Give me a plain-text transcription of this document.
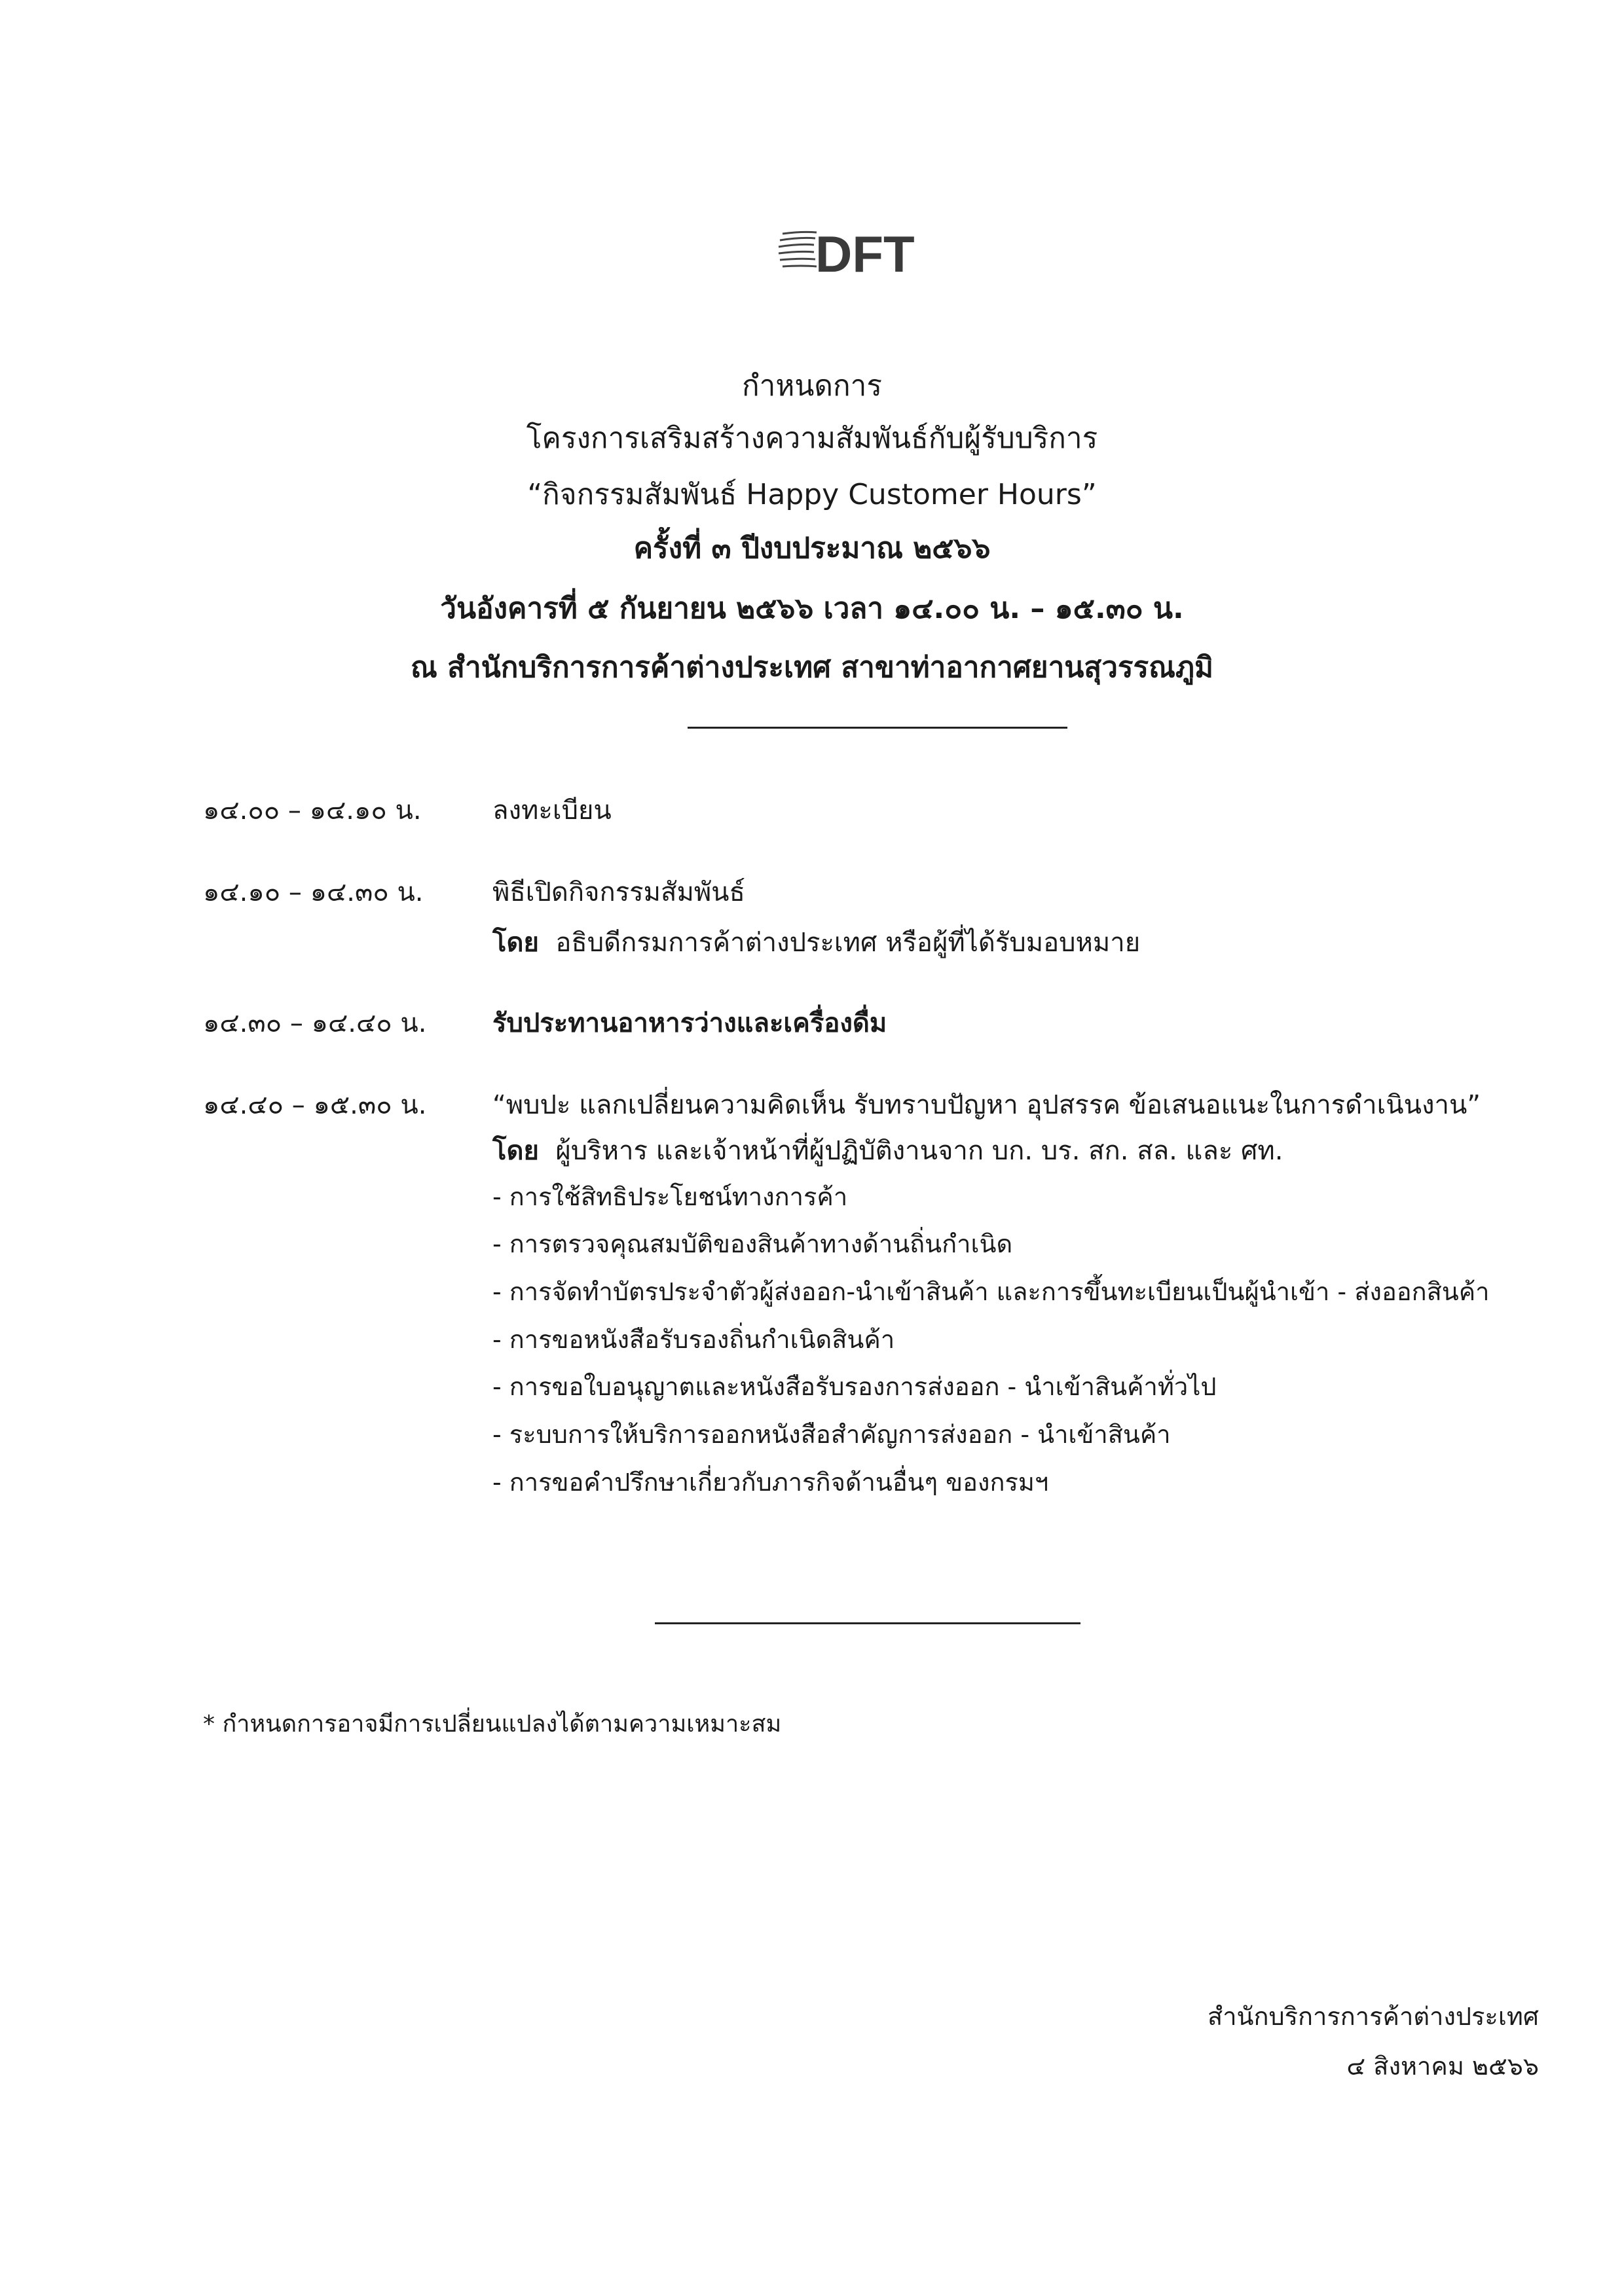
DFT
กำหนดการ
โครงการเสริมสร้างความสัมพันธ์กับผู้รับบริการ
“กิจกรรมสัมพันธ์ Happy Customer Hours”
ครั้งที่ ๓ ปีงบประมาณ ๒๕๖๖
วันอังคารที่ ๕ กันยายน ๒๕๖๖ เวลา ๑๔.๐๐ น. – ๑๕.๓๐ น.
ณ สำนักบริการการค้าต่างประเทศ สาขาท่าอากาศยานสุวรรณภูมิ
๑๔.๐๐ – ๑๔.๑๐ น.	ลงทะเบียน
๑๔.๑๐ – ๑๔.๓๐ น.	พิธีเปิดกิจกรรมสัมพันธ์
โดย อธิบดีกรมการค้าต่างประเทศ หรือผู้ที่ได้รับมอบหมาย
๑๔.๓๐ – ๑๔.๔๐ น.	รับประทานอาหารว่างและเครื่องดื่ม
๑๔.๔๐ – ๑๕.๓๐ น.	“พบปะ แลกเปลี่ยนความคิดเห็น รับทราบปัญหา อุปสรรค ข้อเสนอแนะในการดำเนินงาน”
โดย ผู้บริหาร และเจ้าหน้าที่ผู้ปฏิบัติงานจาก บก. บร. สก. สล. และ ศท.
- การใช้สิทธิประโยชน์ทางการค้า
- การตรวจคุณสมบัติของสินค้าทางด้านถิ่นกำเนิด
- การจัดทำบัตรประจำตัวผู้ส่งออก-นำเข้าสินค้า และการขึ้นทะเบียนเป็นผู้นำเข้า - ส่งออกสินค้า
- การขอหนังสือรับรองถิ่นกำเนิดสินค้า
- การขอใบอนุญาตและหนังสือรับรองการส่งออก - นำเข้าสินค้าทั่วไป
- ระบบการให้บริการออกหนังสือสำคัญการส่งออก - นำเข้าสินค้า
- การขอคำปรึกษาเกี่ยวกับภารกิจด้านอื่นๆ ของกรมฯ
* กำหนดการอาจมีการเปลี่ยนแปลงได้ตามความเหมาะสม
สำนักบริการการค้าต่างประเทศ
๔ สิงหาคม ๒๕๖๖
